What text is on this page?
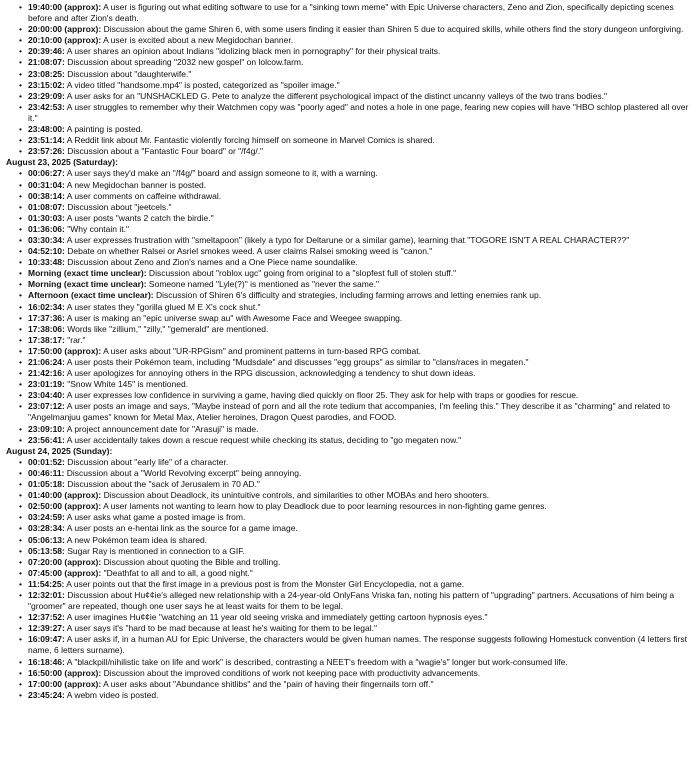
• 19:40:00 (approx): A user is figuring out what editing software to use for a "sinking town meme" with Epic Universe characters, Zeno and Zion, specifically depicting scenes before and after Zion's death.
• 20:00:00 (approx): Discussion about the game Shiren 6, with some users finding it easier than Shiren 5 due to acquired skills, while others find the story dungeon unforgiving.
• 20:10:00 (approx): A user is excited about a new Megidochan banner.
• 20:39:46: A user shares an opinion about Indians "idolizing black men in pornography" for their physical traits.
• 21:08:07: Discussion about spreading "2032 new gospel" on lolcow.farm.
• 23:08:25: Discussion about "daughterwife."
• 23:15:02: A video titled "handsome.mp4" is posted, categorized as "spoiler image."
• 23:29:09: A user asks for an "UNSHACKLED G. Pete to analyze the different psychological impact of the distinct uncanny valleys of the two trans bodies."
• 23:42:53: A user struggles to remember why their Watchmen copy was "poorly aged" and notes a hole in one page, fearing new copies will have "HBO schlop plastered all over it."
• 23:48:00: A painting is posted.
• 23:51:14: A Reddit link about Mr. Fantastic violently forcing himself on someone in Marvel Comics is shared.
• 23:57:26: Discussion about a "Fantastic Four board" or "/f4g/."
August 23, 2025 (Saturday):
• 00:06:27: A user says they'd make an "/f4g/" board and assign someone to it, with a warning.
• 00:31:04: A new Megidochan banner is posted.
• 00:38:14: A user comments on caffeine withdrawal.
• 01:08:07: Discussion about "jeetcels."
• 01:30:03: A user posts "wants 2 catch the birdie."
• 01:36:06: "Why contain it."
• 03:30:34: A user expresses frustration with "smeltapoon" (likely a typo for Deltarune or a similar game), learning that "TOGORE ISN'T A REAL CHARACTER??"
• 04:52:10: Debate on whether Ralsei or Asriel smokes weed. A user claims Ralsei smoking weed is "canon."
• 10:33:48: Discussion about Zeno and Zion's names and a One Piece name soundalike.
• Morning (exact time unclear): Discussion about "roblox ugc" going from original to a "slopfest full of stolen stuff."
• Morning (exact time unclear): Someone named "Lyle(?)" is mentioned as "never the same."
• Afternoon (exact time unclear): Discussion of Shiren 6's difficulty and strategies, including farming arrows and letting enemies rank up.
• 16:02:34: A user states they "gorilla glued M E X's cock shut."
• 17:37:36: A user is making an "epic universe swap au" with Awesome Face and Weegee swapping.
• 17:38:06: Words like "zillium," "zilly," "gemerald" are mentioned.
• 17:38:17: "rar."
• 17:50:00 (approx): A user asks about "UR-RPGism" and prominent patterns in turn-based RPG combat.
• 21:06:24: A user posts their Pokémon team, including "Mudsdale" and discusses "egg groups" as similar to "clans/races in megaten."
• 21:42:16: A user apologizes for annoying others in the RPG discussion, acknowledging a tendency to shut down ideas.
• 23:01:19: "Snow White 145" is mentioned.
• 23:04:40: A user expresses low confidence in surviving a game, having died quickly on floor 25. They ask for help with traps or goodies for rescue.
• 23:07:12: A user posts an image and says, "Maybe instead of porn and all the rote tedium that accompanies, I'm feeling this." They describe it as "charming" and related to "Angelmanjuu games" known for Metal Max, Atelier heroines, Dragon Quest parodies, and FOOD.
• 23:09:10: A project announcement date for "Arasuji" is made.
• 23:56:41: A user accidentally takes down a rescue request while checking its status, deciding to "go megaten now."
August 24, 2025 (Sunday):
• 00:01:52: Discussion about "early life" of a character.
• 00:46:11: Discussion about a "World Revolving excerpt" being annoying.
• 01:05:18: Discussion about the "sack of Jerusalem in 70 AD."
• 01:40:00 (approx): Discussion about Deadlock, its unintuitive controls, and similarities to other MOBAs and hero shooters.
• 02:50:00 (approx): A user laments not wanting to learn how to play Deadlock due to poor learning resources in non-fighting game genres.
• 03:24:59: A user asks what game a posted image is from.
• 03:28:34: A user posts an e-hentai link as the source for a game image.
• 05:06:13: A new Pokémon team idea is shared.
• 05:13:58: Sugar Ray is mentioned in connection to a GIF.
• 07:20:00 (approx): Discussion about quoting the Bible and trolling.
• 07:45:00 (approx): "Deathfat to all and to all, a good night."
• 11:54:25: A user points out that the first image in a previous post is from the Monster Girl Encyclopedia, not a game.
• 12:32:01: Discussion about Hu¢¢ie's alleged new relationship with a 24-year-old OnlyFans Vriska fan, noting his pattern of "upgrading" partners. Accusations of him being a "groomer" are repeated, though one user says he at least waits for them to be legal.
• 12:37:52: A user imagines Hu¢¢ie "watching an 11 year old seeing vriska and immediately getting cartoon hypnosis eyes."
• 12:39:27: A user says it's "hard to be mad because at least he's waiting for them to be legal."
• 16:09:47: A user asks if, in a human AU for Epic Universe, the characters would be given human names. The response suggests following Homestuck convention (4 letters first name, 6 letters surname).
• 16:18:46: A "blackpill/nihilistic take on life and work" is described, contrasting a NEET's freedom with a "wagie's" longer but work-consumed life.
• 16:50:00 (approx): Discussion about the improved conditions of work not keeping pace with productivity advancements.
• 17:00:00 (approx): A user asks about "Abundance shitlibs" and the "pain of having their fingernails torn off."
• 23:45:24: A webm video is posted.
